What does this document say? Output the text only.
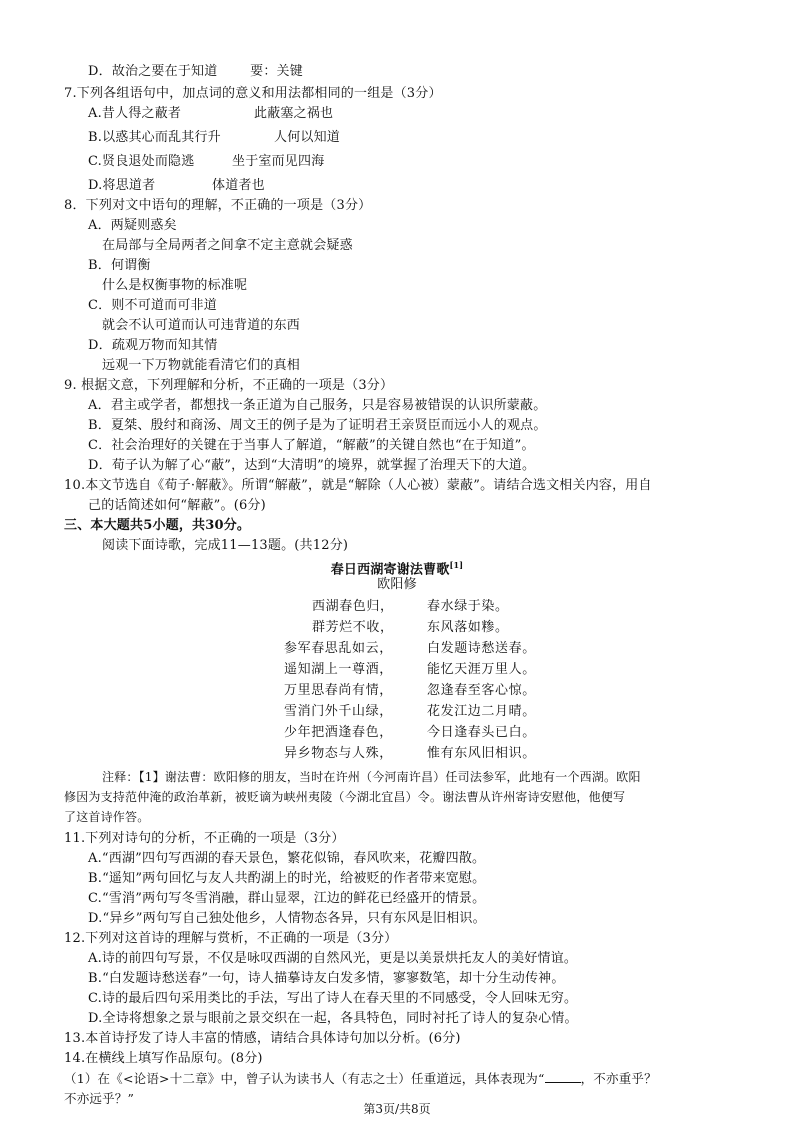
D．故治之要在于知道	要：关键
7.下列各组语句中，加点词的意义和用法都相同的一组是（3分）
A.昔人得之蔽者	此蔽塞之祸也
B.以惑其心而乱其行升	人何以知道
C.贤良退处而隐逃	坐于室而见四海
D.将思道者	体道者也
8．下列对文中语句的理解，不正确的一项是（3分）
A．两疑则惑矣
在局部与全局两者之间拿不定主意就会疑惑
B．何谓衡
什么是权衡事物的标准呢
C．则不可道而可非道
就会不认可道而认可违背道的东西
D．疏观万物而知其情
远观一下万物就能看清它们的真相
9. 根据文意，下列理解和分析，不正确的一项是（3分）
A．君主或学者，都想找一条正道为自己服务，只是容易被错误的认识所蒙蔽。
B．夏桀、殷纣和商汤、周文王的例子是为了证明君王亲贤臣而远小人的观点。
C．社会治理好的关键在于当事人了解道，“解蔽”的关键自然也“在于知道”。
D．荀子认为解了心“蔽”，达到“大清明”的境界，就掌握了治理天下的大道。
10.本文节选自《荀子·解蔽》。所谓“解蔽”，就是“解除（人心被）蒙蔽”。请结合选文相关内容，用自
己的话简述如何“解蔽”。(6分)
三、本大题共5小题，共30分。
阅读下面诗歌，完成11—13题。(共12分)
春日西湖寄谢法曹歌[1]
欧阳修
西湖春色归，	春水绿于染。
群芳烂不收，	东风落如糁。
参军春思乱如云，	白发题诗愁送春。
遥知湖上一尊酒，	能忆天涯万里人。
万里思春尚有情，	忽逢春至客心惊。
雪消门外千山绿，	花发江边二月晴。
少年把酒逢春色，	今日逢春头已白。
异乡物态与人殊，	惟有东风旧相识。
注释：【1】谢法曹：欧阳修的朋友，当时在许州（今河南许昌）任司法参军，此地有一个西湖。欧阳
修因为支持范仲淹的政治革新，被贬谪为峡州夷陵（今湖北宜昌）令。谢法曹从许州寄诗安慰他，他便写
了这首诗作答。
11.下列对诗句的分析，不正确的一项是（3分）
A.“西湖”四句写西湖的春天景色，繁花似锦，春风吹来，花瓣四散。
B.“遥知”两句回忆与友人共酌湖上的时光，给被贬的作者带来宽慰。
C.“雪消”两句写冬雪消融，群山显翠，江边的鲜花已经盛开的情景。
D.“异乡”两句写自己独处他乡，人情物态各异，只有东风是旧相识。
12.下列对这首诗的理解与赏析，不正确的一项是（3分）
A.诗的前四句写景，不仅是咏叹西湖的自然风光，更是以美景烘托友人的美好情谊。
B.“白发题诗愁送春”一句，诗人描摹诗友白发多情，寥寥数笔，却十分生动传神。
C.诗的最后四句采用类比的手法，写出了诗人在春天里的不同感受，令人回味无穷。
D.全诗将想象之景与眼前之景交织在一起，各具特色，同时衬托了诗人的复杂心情。
13.本首诗抒发了诗人丰富的情感，请结合具体诗句加以分析。(6分)
14.在横线上填写作品原句。(8分)
（1）在《<论语>十二章》中，曾子认为读书人（有志之士）任重道远，具体表现为“	，不亦重乎？
不亦远乎？”
第3页/共8页
